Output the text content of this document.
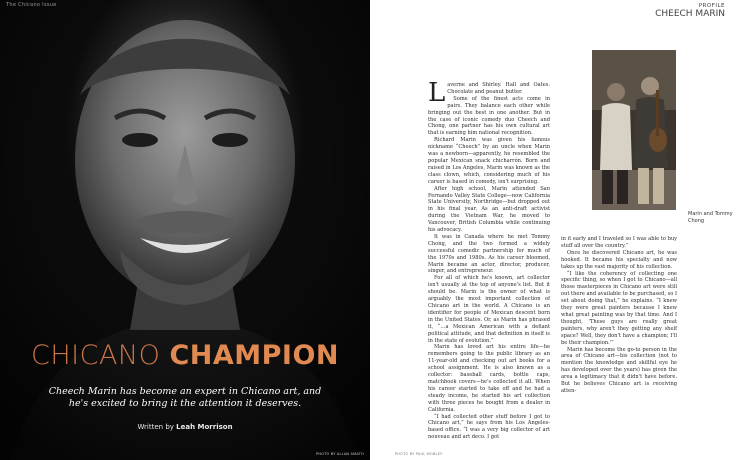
The Chicano Issue
CHICANO CHAMPION
Cheech Marin has become an expert in Chicano art, and he's excited to bring it the attention it deserves.
Written by Leah Morrison
PHOTO BY ALLAN AMATO
PROFILE
CHEECH MARIN

Laverne and Shirley. Hall and Oates. Chocolate and peanut butter.

Some of the finest acts come in pairs. They balance each other while bringing out the best in one another. But in the case of iconic comedy duo Cheech and Chong, one partner has his own cultural art that is earning him national recognition.

Richard Marin was given his famous nickname “Cheech” by an uncle when Marin was a newborn—apparently, he resembled the popular Mexican snack chicharrón. Born and raised in Los Angeles, Marin was known as the class clown, which, considering much of his career is based in comedy, isn't surprising.

After high school, Marin attended San Fernando Valley State College—now California State University, Northridge—but dropped out in his final year. As an anti-draft activist during the Vietnam War, he moved to Vancouver, British Columbia while continuing his advocacy.

It was in Canada where he met Tommy Chong, and the two formed a widely successful comedic partnership for much of the 1970s and 1980s. As his career bloomed, Marin became an actor, director, producer, singer, and entrepreneur.

For all of which he's known, art collector isn't usually at the top of anyone's list. But it should be. Marin is the owner of what is arguably the most important collection of Chicano art in the world. A Chicano is an identifier for people of Mexican descent born in the United States. Or, as Marin has phrased it, “…a Mexican American with a defiant political attitude, and that definition in itself is in the state of evolution.”

Marin has loved art his entire life—he remembers going to the public library as an 11-year-old and checking out art books for a school assignment. He is also known as a collector: baseball cards, bottle caps, matchbook covers—he's collected it all. When his career started to take off and he had a steady income, he started his art collection with three pieces he bought from a dealer in California.

“I had collected other stuff before I got to Chicano art,” he says from his Los Angeles-based office. “I was a very big collector of art nouveau and art deco. I got

Marin and Tommy Chong

in it early and I traveled so I was able to buy stuff all over the country.”

Once he discovered Chicano art, he was hooked. It became his specialty and now takes up the vast majority of his collection.

“I like the coherency of collecting one specific thing, so when I got to Chicano—all those masterpieces in Chicano art were still out there and available to be purchased, so I set about doing that,” he explains. “I knew they were great painters because I knew what great painting was by that time. And I thought, 'These guys are really great painters, why aren't they getting any shelf space? Well, they don't have a champion; I'll be their champion.'”

Marin has become the go-to person in the area of Chicano art—his collection (not to mention the knowledge and skillful eye he has developed over the years) has given the area a legitimacy that it didn't have before. But he believes Chicano art is receiving atten-

PHOTO BY PAUL MOBLEY
